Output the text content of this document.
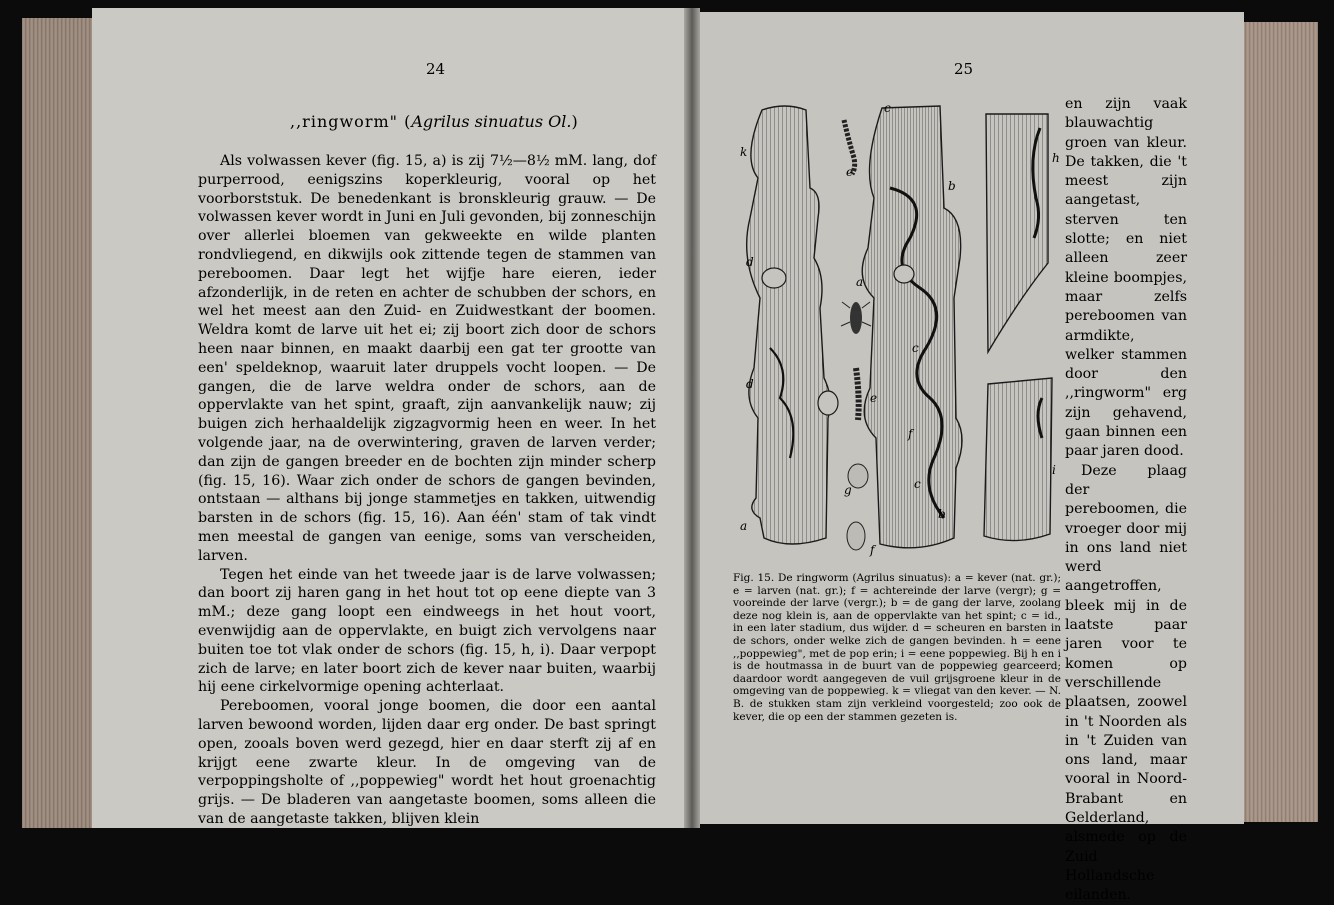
24
,,ringworm" (Agrilus sinuatus Ol.)

Als volwassen kever (fig. 15, a) is zij 7½—8½ mM. lang, dof purperrood, eenigszins koperkleurig, vooral op het voorborststuk. De benedenkant is bronskleurig grauw. — De volwassen kever wordt in Juni en Juli gevonden, bij zonneschijn over allerlei bloemen van gekweekte en wilde planten rondvliegend, en dikwijls ook zittende tegen de stammen van pereboomen. Daar legt het wijfje hare eieren, ieder afzonderlijk, in de reten en achter de schubben der schors, en wel het meest aan den Zuid- en Zuidwestkant der boomen. Weldra komt de larve uit het ei; zij boort zich door de schors heen naar binnen, en maakt daarbij een gat ter grootte van een' speldeknop, waaruit later druppels vocht loopen. — De gangen, die de larve weldra onder de schors, aan de oppervlakte van het spint, graaft, zijn aanvankelijk nauw; zij buigen zich herhaaldelijk zigzagvormig heen en weer. In het volgende jaar, na de overwintering, graven de larven verder; dan zijn de gangen breeder en de bochten zijn minder scherp (fig. 15, 16). Waar zich onder de schors de gangen bevinden, ontstaan — althans bij jonge stammetjes en takken, uitwendig barsten in de schors (fig. 15, 16). Aan één' stam of tak vindt men meestal de gangen van eenige, soms van verscheiden, larven.

Tegen het einde van het tweede jaar is de larve volwassen; dan boort zij haren gang in het hout tot op eene diepte van 3 mM.; deze gang loopt een eindweegs in het hout voort, evenwijdig aan de oppervlakte, en buigt zich vervolgens naar buiten toe tot vlak onder de schors (fig. 15, h, i). Daar verpopt zich de larve; en later boort zich de kever naar buiten, waarbij hij eene cirkelvormige opening achterlaat.

Pereboomen, vooral jonge boomen, die door een aantal larven bewoond worden, lijden daar erg onder. De bast springt open, zooals boven werd gezegd, hier en daar sterft zij af en krijgt eene zwarte kleur. In de omgeving van de verpoppingsholte of ,,poppewieg" wordt het hout groenachtig grijs. — De bladeren van aangetaste boomen, soms alleen die van de aangetaste takken, blijven klein

25
k
d
d
a
c
b
a
c
e
e
f
g
f
b
h
i
c
Fig. 15. De ringworm (Agrilus sinuatus): a = kever (nat. gr.); e = larven (nat. gr.); f = achtereinde der larve (vergr); g = vooreinde der larve (vergr.); b = de gang der larve, zoolang deze nog klein is, aan de oppervlakte van het spint; c = id., in een later stadium, dus wijder. d = scheuren en barsten in de schors, onder welke zich de gangen bevinden. h = eene ,,poppewieg", met de pop erin; i = eene poppewieg. Bij h en i is de houtmassa in de buurt van de poppewieg gearceerd; daardoor wordt aangegeven de vuil grijsgroene kleur in de omgeving van de poppewieg. k = vliegat van den kever. — N. B. de stukken stam zijn verkleind voorgesteld; zoo ook de kever, die op een der stammen gezeten is.

en zijn vaak blauwachtig groen van kleur. De takken, die 't meest zijn aangetast, sterven ten slotte; en niet alleen zeer kleine boompjes, maar zelfs pereboomen van armdikte, welker stammen door den ,,ringworm" erg zijn gehavend, gaan binnen een paar jaren dood.

Deze plaag der pereboomen, die vroeger door mij in ons land niet werd aangetroffen, bleek mij in de laatste paar jaren voor te komen op verschillende plaatsen, zoowel in 't Noorden als in 't Zuiden van ons land, maar vooral in Noord-Brabant en Gelderland, alsmede op de Zuid Hollandsche eilanden.
